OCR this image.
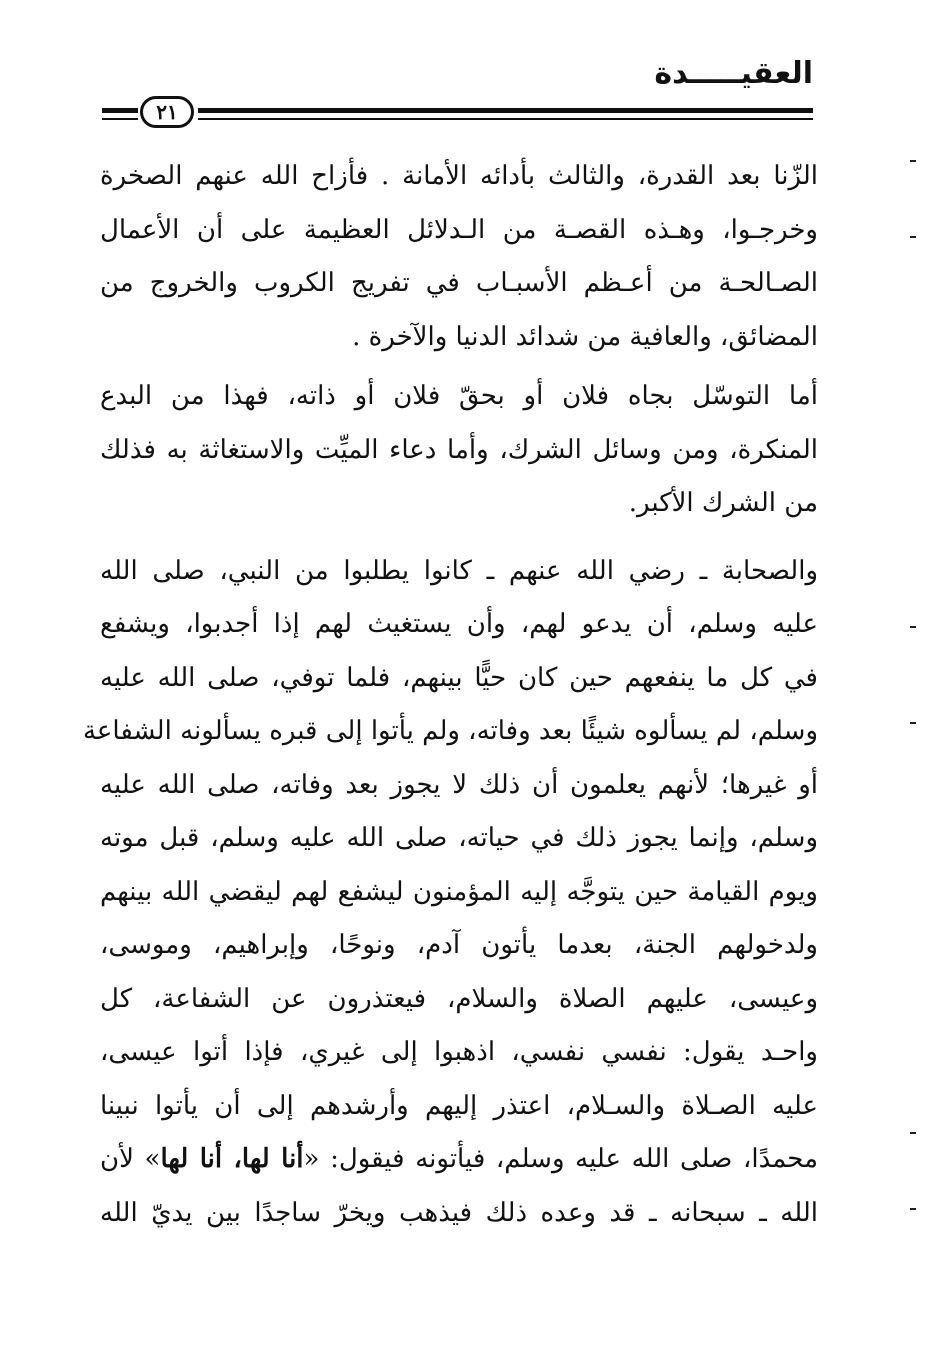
العقيـــــدة
٢١
الزّنا بعد القدرة، والثالث بأدائه الأمانة . فأزاح الله عنهم الصخرة
وخرجـوا، وهـذه القصـة من الـدلائل العظيمة على أن الأعمال
الصـالحـة من أعـظم الأسبـاب في تفريج الكروب والخروج من
المضائق، والعافية من شدائد الدنيا والآخرة .
أما التوسّل بجاه فلان أو بحقّ فلان أو ذاته، فهذا من البدع
المنكرة، ومن وسائل الشرك، وأما دعاء الميِّت والاستغاثة به فذلك
من الشرك الأكبر.
والصحابة ـ رضي الله عنهم ـ كانوا يطلبوا من النبي، صلى الله
عليه وسلم، أن يدعو لهم، وأن يستغيث لهم إذا أجدبوا، ويشفع
في كل ما ينفعهم حين كان حيًّا بينهم، فلما توفي، صلى الله عليه
وسلم، لم يسألوه شيئًا بعد وفاته، ولم يأتوا إلى قبره يسألونه الشفاعة
أو غيرها؛ لأنهم يعلمون أن ذلك لا يجوز بعد وفاته، صلى الله عليه
وسلم، وإنما يجوز ذلك في حياته، صلى الله عليه وسلم، قبل موته
ويوم القيامة حين يتوجَّه إليه المؤمنون ليشفع لهم ليقضي الله بينهم
ولدخولهم الجنة، بعدما يأتون آدم، ونوحًا، وإبراهيم، وموسى،
وعيسى، عليهم الصلاة والسلام، فيعتذرون عن الشفاعة، كل
واحـد يقول: نفسي نفسي، اذهبوا إلى غيري، فإذا أتوا عيسى،
عليه الصـلاة والسـلام، اعتذر إليهم وأرشدهم إلى أن يأتوا نبينا
محمدًا، صلى الله عليه وسلم، فيأتونه فيقول: «أنا لها، أنا لها» لأن
الله ـ سبحانه ـ قد وعده ذلك فيذهب ويخرّ ساجدًا بين يديّ الله
